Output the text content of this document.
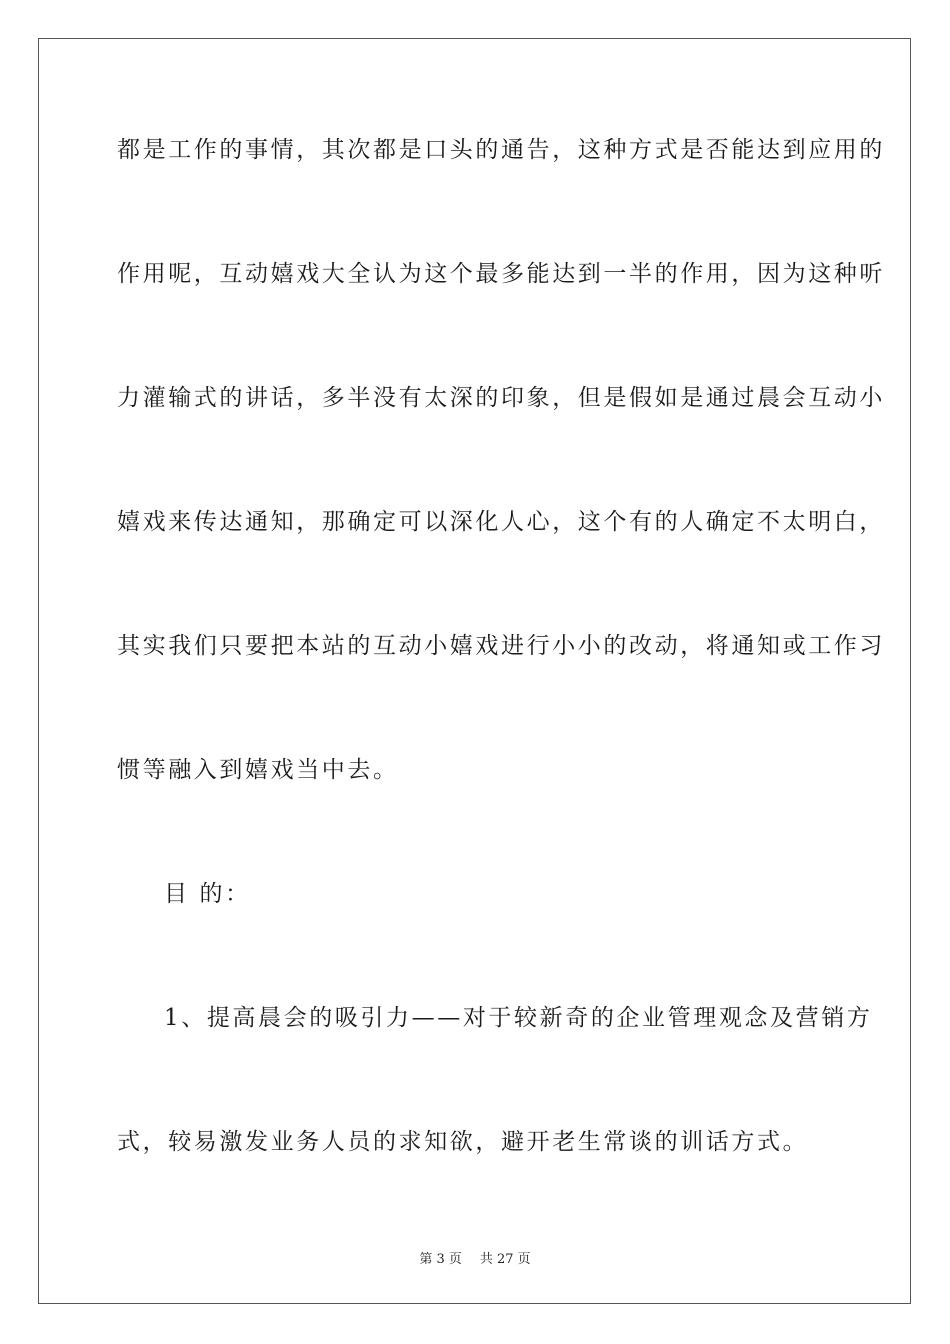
都是工作的事情，其次都是口头的通告，这种方式是否能达到应用的
作用呢，互动嬉戏大全认为这个最多能达到一半的作用，因为这种听
力灌输式的讲话，多半没有太深的印象，但是假如是通过晨会互动小
嬉戏来传达通知，那确定可以深化人心，这个有的人确定不太明白，
其实我们只要把本站的互动小嬉戏进行小小的改动，将通知或工作习
惯等融入到嬉戏当中去。
目 的：
1、提高晨会的吸引力——对于较新奇的企业管理观念及营销方
式，较易激发业务人员的求知欲，避开老生常谈的训话方式。
第 3 页 共 27 页
